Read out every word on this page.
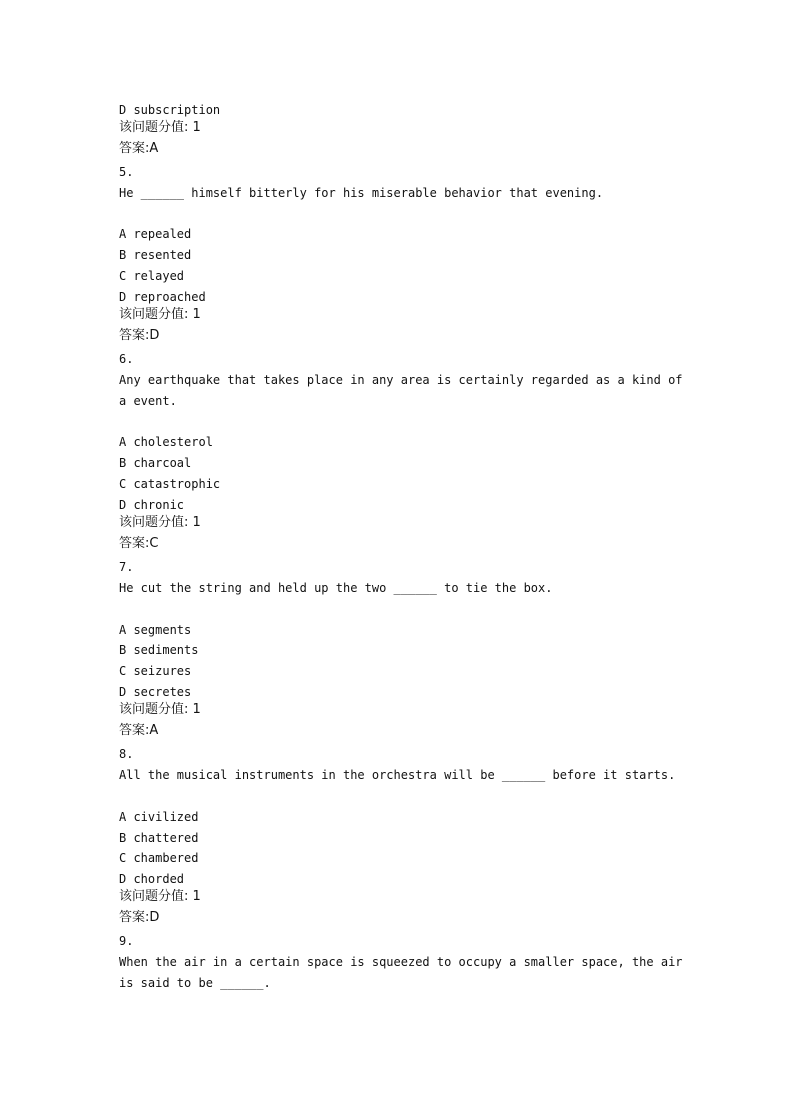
D subscription
该问题分值: 1
答案:A
5.
He ______ himself bitterly for his miserable behavior that evening.
A repealed
B resented
C relayed
D reproached
该问题分值: 1
答案:D
6.
Any earthquake that takes place in any area is certainly regarded as a kind of
a event.
A cholesterol
B charcoal
C catastrophic
D chronic
该问题分值: 1
答案:C
7.
He cut the string and held up the two ______ to tie the box.
A segments
B sediments
C seizures
D secretes
该问题分值: 1
答案:A
8.
All the musical instruments in the orchestra will be ______ before it starts.
A civilized
B chattered
C chambered
D chorded
该问题分值: 1
答案:D
9.
When the air in a certain space is squeezed to occupy a smaller space, the air
is said to be ______.
